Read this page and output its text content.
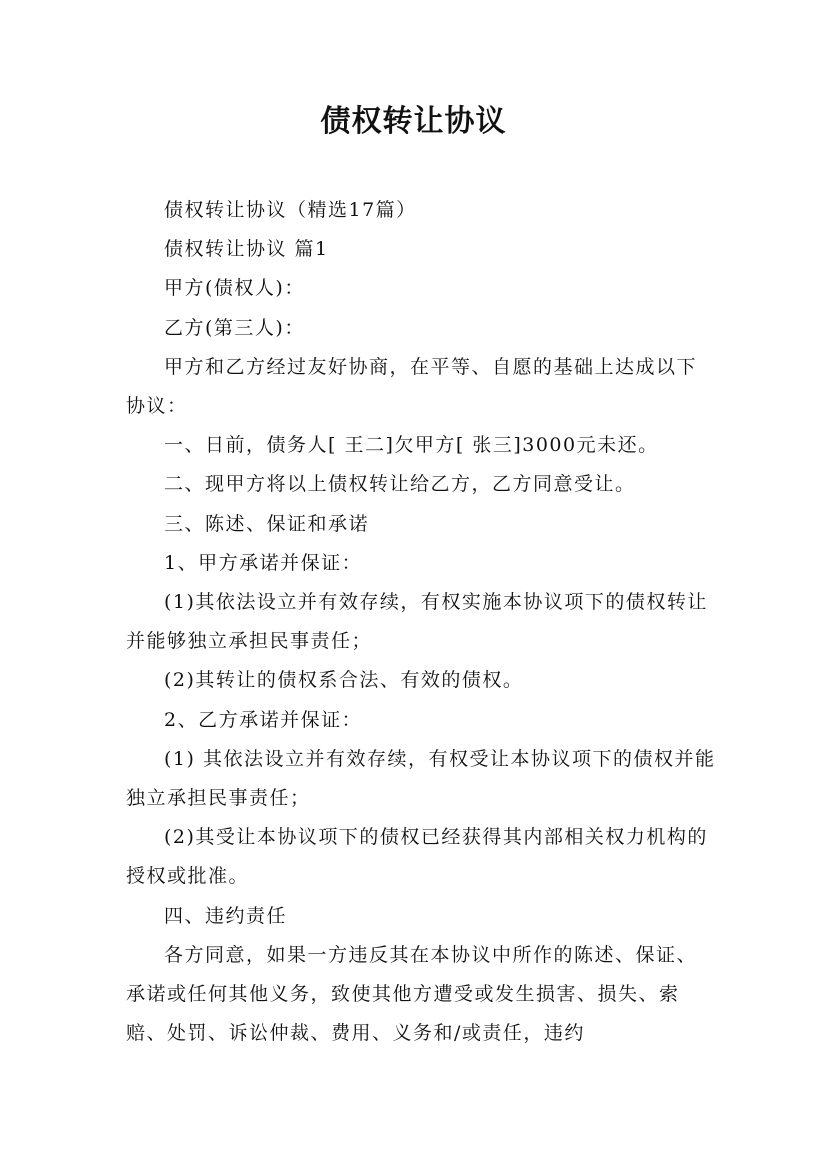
债权转让协议

债权转让协议（精选17篇）

债权转让协议 篇1

甲方(债权人)：

乙方(第三人)：

甲方和乙方经过友好协商，在平等、自愿的基础上达成以下协议：

一、日前，债务人[ 王二]欠甲方[ 张三]3000元未还。

二、现甲方将以上债权转让给乙方，乙方同意受让。

三、陈述、保证和承诺

1、甲方承诺并保证：

(1)其依法设立并有效存续，有权实施本协议项下的债权转让并能够独立承担民事责任；

(2)其转让的债权系合法、有效的债权。

2、乙方承诺并保证：

(1) 其依法设立并有效存续，有权受让本协议项下的债权并能独立承担民事责任；

(2)其受让本协议项下的债权已经获得其内部相关权力机构的授权或批准。

四、违约责任

各方同意，如果一方违反其在本协议中所作的陈述、保证、承诺或任何其他义务，致使其他方遭受或发生损害、损失、索赔、处罚、诉讼仲裁、费用、义务和/或责任，违约
